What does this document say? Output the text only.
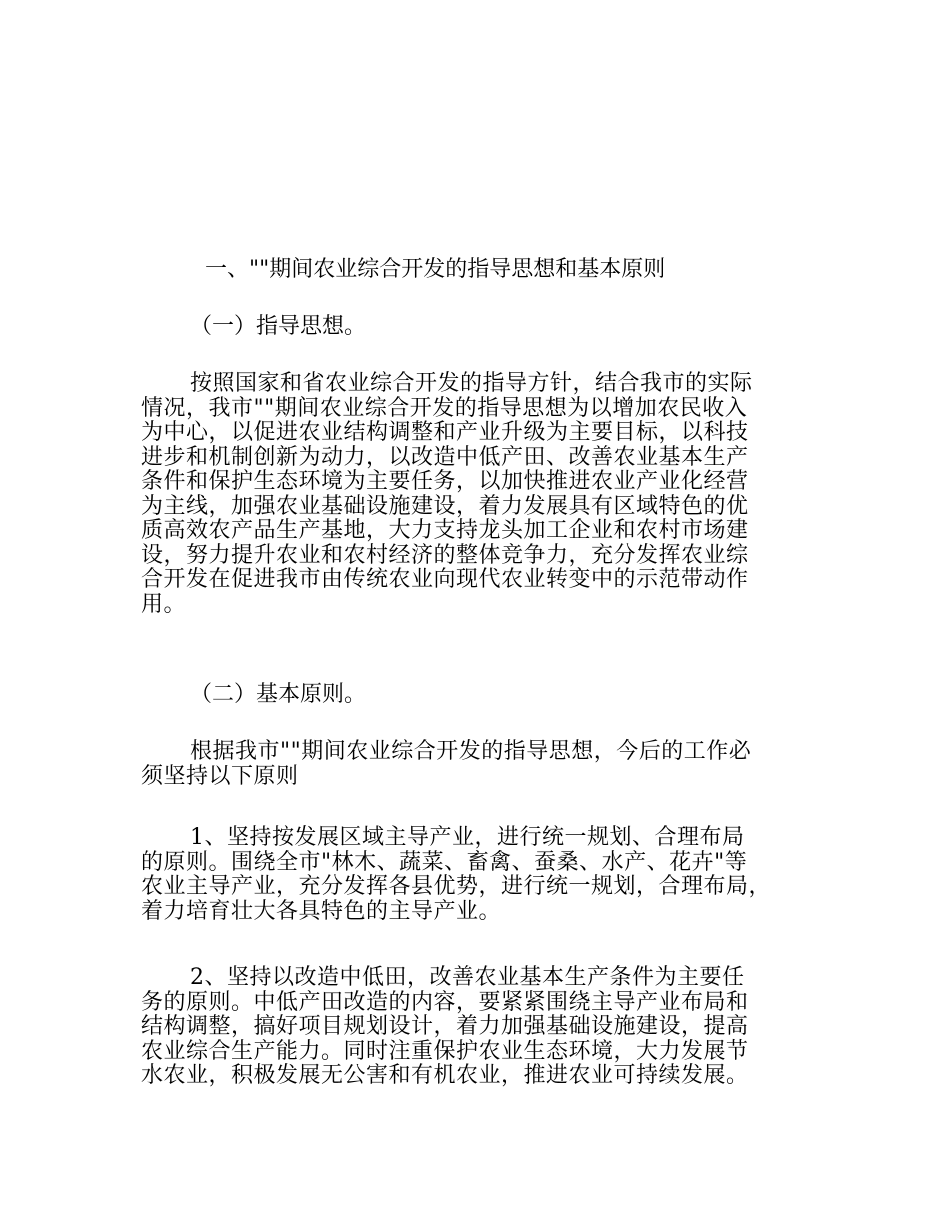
一、""期间农业综合开发的指导思想和基本原则
（一）指导思想。
按照国家和省农业综合开发的指导方针，结合我市的实际
情况，我市""期间农业综合开发的指导思想为以增加农民收入
为中心，以促进农业结构调整和产业升级为主要目标，以科技
进步和机制创新为动力，以改造中低产田、改善农业基本生产
条件和保护生态环境为主要任务，以加快推进农业产业化经营
为主线，加强农业基础设施建设，着力发展具有区域特色的优
质高效农产品生产基地，大力支持龙头加工企业和农村市场建
设，努力提升农业和农村经济的整体竞争力，充分发挥农业综
合开发在促进我市由传统农业向现代农业转变中的示范带动作
用。
（二）基本原则。
根据我市""期间农业综合开发的指导思想，今后的工作必
须坚持以下原则
1、坚持按发展区域主导产业，进行统一规划、合理布局
的原则。围绕全市"林木、蔬菜、畜禽、蚕桑、水产、花卉"等
农业主导产业，充分发挥各县优势，进行统一规划，合理布局，
着力培育壮大各具特色的主导产业。
2、坚持以改造中低田，改善农业基本生产条件为主要任
务的原则。中低产田改造的内容，要紧紧围绕主导产业布局和
结构调整，搞好项目规划设计，着力加强基础设施建设，提高
农业综合生产能力。同时注重保护农业生态环境，大力发展节
水农业，积极发展无公害和有机农业，推进农业可持续发展。
